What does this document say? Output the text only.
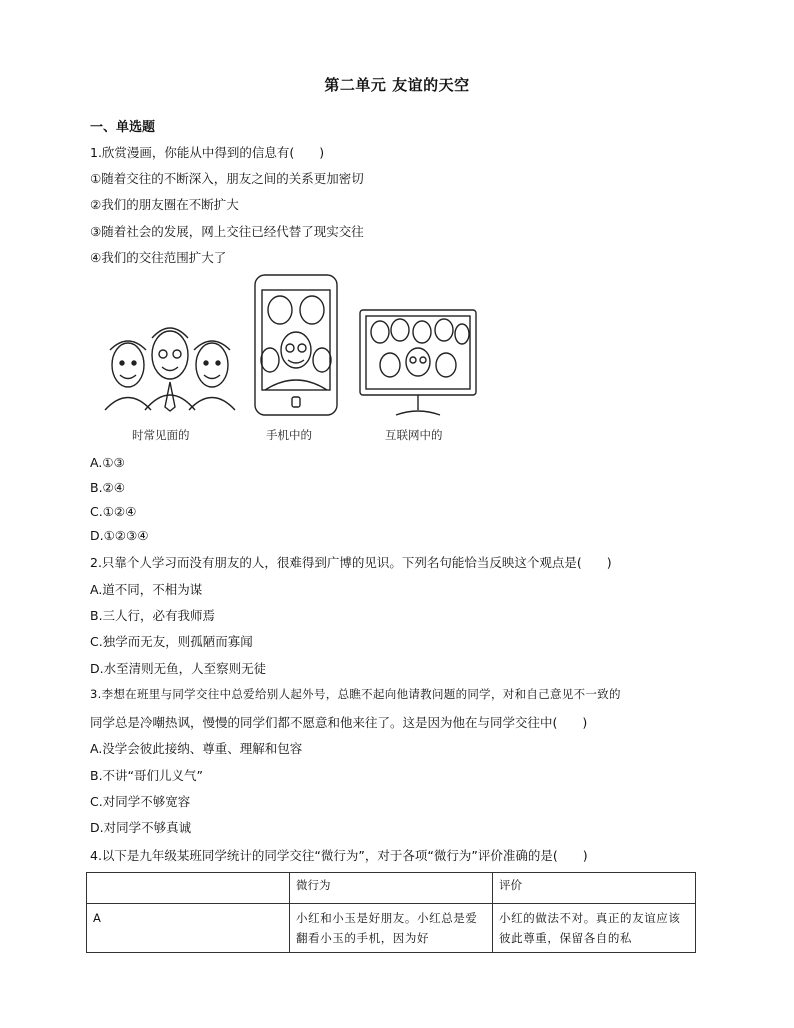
第二单元 友谊的天空
一、单选题
1.欣赏漫画，你能从中得到的信息有(　　)
①随着交往的不断深入，朋友之间的关系更加密切
②我们的朋友圈在不断扩大
③随着社会的发展，网上交往已经代替了现实交往
④我们的交往范围扩大了
时常见面的	手机中的	互联网中的
A.①③
B.②④
C.①②④
D.①②③④
2.只靠个人学习而没有朋友的人，很难得到广博的见识。下列名句能恰当反映这个观点是(　　)
A.道不同，不相为谋
B.三人行，必有我师焉
C.独学而无友，则孤陋而寡闻
D.水至清则无鱼，人至察则无徒
3.李想在班里与同学交往中总爱给别人起外号，总瞧不起向他请教问题的同学，对和自己意见不一致的
同学总是冷嘲热讽，慢慢的同学们都不愿意和他来往了。这是因为他在与同学交往中(　　)
A.没学会彼此接纳、尊重、理解和包容
B.不讲“哥们儿义气”
C.对同学不够宽容
D.对同学不够真诚
4.以下是九年级某班同学统计的同学交往“微行为”，对于各项“微行为”评价准确的是(　　)
	微行为	评价
A	小红和小玉是好朋友。小红总是爱翻看小玉的手机，因为好	小红的做法不对。真正的友谊应该彼此尊重，保留各自的私
